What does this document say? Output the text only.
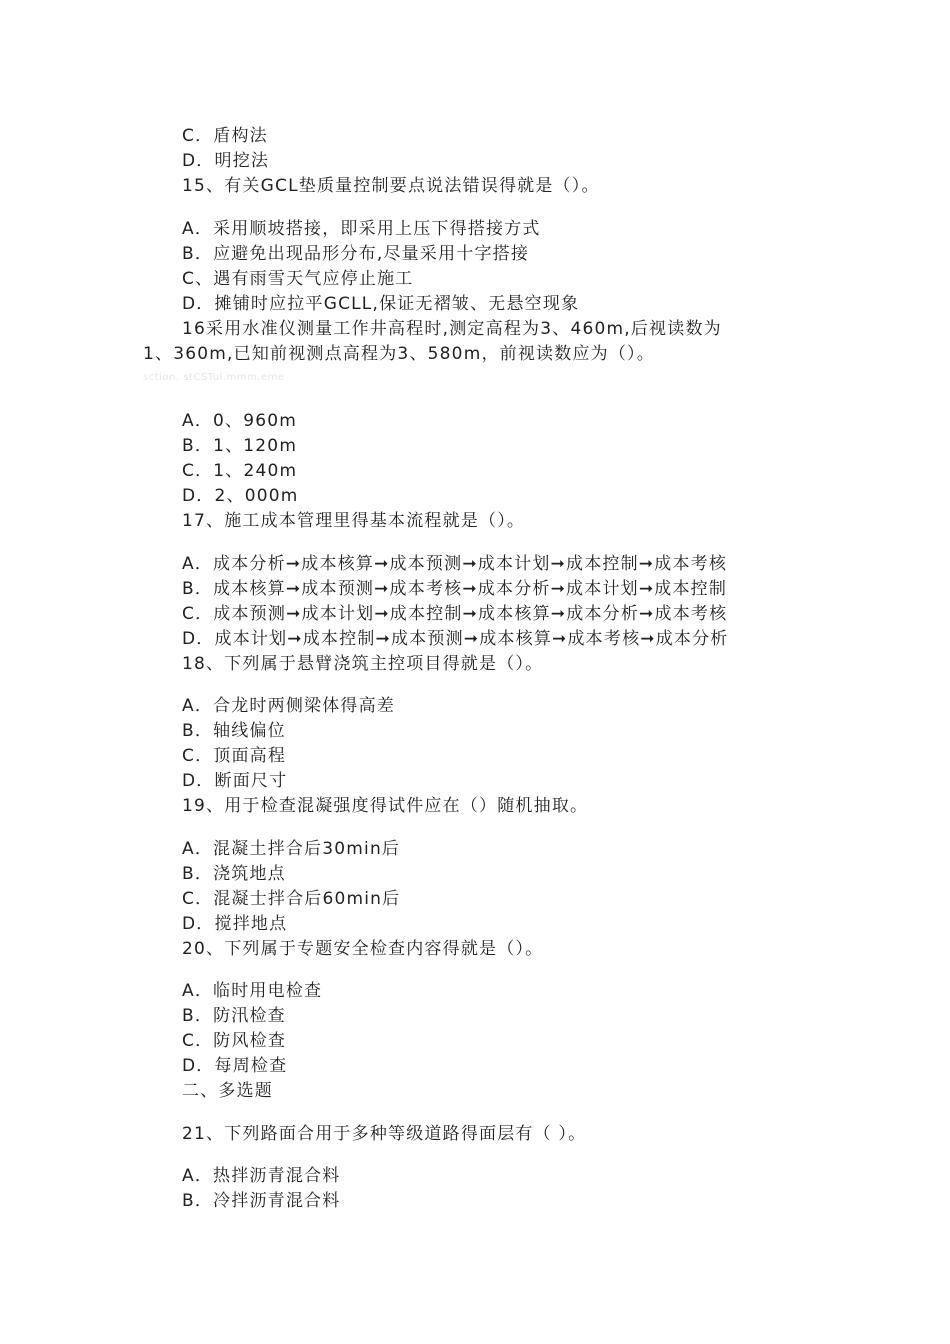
C．盾构法
D．明挖法
15、有关GCL垫质量控制要点说法错误得就是（）。
A．采用顺坡搭接，即采用上压下得搭接方式
B．应避免出现品形分布,尽量采用十字搭接
C、遇有雨雪天气应停止施工
D．摊铺时应拉平GCLL,保证无褶皱、无悬空现象
16采用水准仪测量工作井高程时,测定高程为3、460m,后视读数为
1、360m,已知前视测点高程为3、580m，前视读数应为（）。
sction. stCSTul.mmm.eme
A．0、960m
B．1、120m
C．1、240m
D．2、000m
17、施工成本管理里得基本流程就是（）。
A．成本分析➞成本核算➞成本预测➞成本计划➞成本控制➞成本考核
B．成本核算➞成本预测➞成本考核➞成本分析➞成本计划➞成本控制
C．成本预测➞成本计划➞成本控制➞成本核算➞成本分析➞成本考核
D．成本计划➞成本控制➞成本预测➞成本核算➞成本考核➞成本分析
18、下列属于悬臂浇筑主控项目得就是（）。
A．合龙时两侧梁体得高差
B．轴线偏位
C．顶面高程
D．断面尺寸
19、用于检查混凝强度得试件应在（）随机抽取。
A．混凝土拌合后30min后
B．浇筑地点
C．混凝士拌合后60min后
D．搅拌地点
20、下列属于专题安全检查内容得就是（）。
A．临时用电检查
B．防汛检查
C．防风检查
D．每周检查
二、多选题
21、下列路面合用于多种等级道路得面层有（ ）。
A．热拌沥青混合料
B．冷拌沥青混合料
